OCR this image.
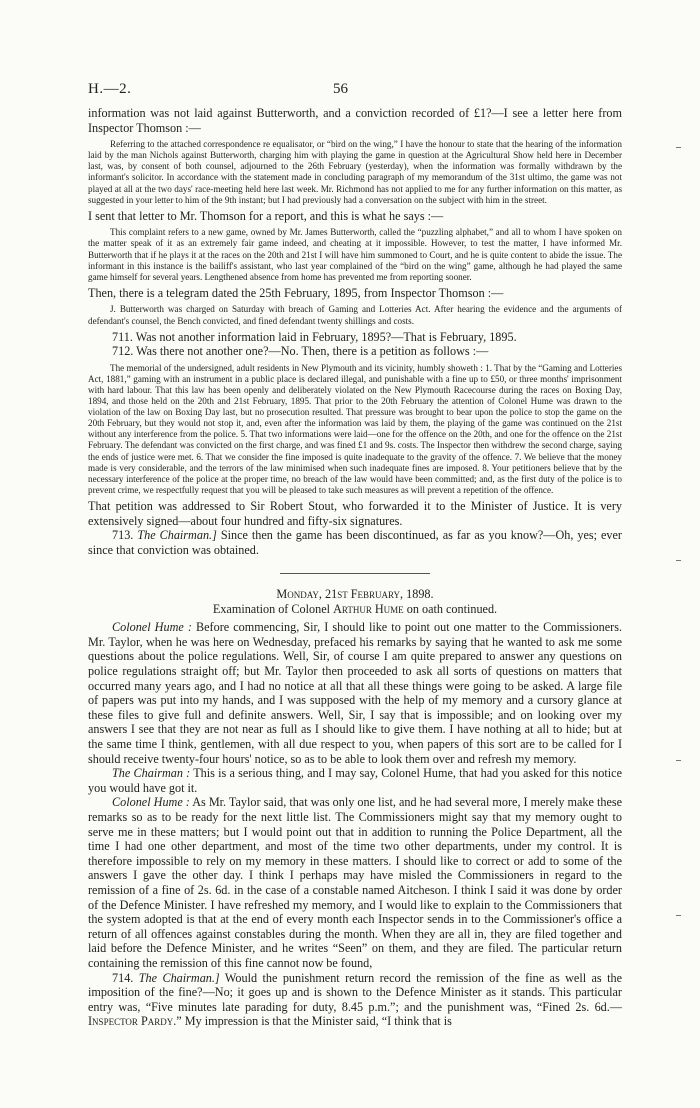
H.—2.	56

information was not laid against Butterworth, and a conviction recorded of £1?—I see a letter here from Inspector Thomson :—

Referring to the attached correspondence re equalisator, or “bird on the wing,” I have the honour to state that the hearing of the information laid by the man Nichols against Butterworth, charging him with playing the game in question at the Agricultural Show held here in December last, was, by consent of both counsel, adjourned to the 26th February (yesterday), when the information was formally withdrawn by the informant's solicitor. In accordance with the statement made in concluding paragraph of my memorandum of the 31st ultimo, the game was not played at all at the two days' race-meeting held here last week. Mr. Richmond has not applied to me for any further information on this matter, as suggested in your letter to him of the 9th instant; but I had previously had a conversation on the subject with him in the street.

I sent that letter to Mr. Thomson for a report, and this is what he says :—

This complaint refers to a new game, owned by Mr. James Butterworth, called the “puzzling alphabet,” and all to whom I have spoken on the matter speak of it as an extremely fair game indeed, and cheating at it impossible. However, to test the matter, I have informed Mr. Butterworth that if he plays it at the races on the 20th and 21st I will have him summoned to Court, and he is quite content to abide the issue. The informant in this instance is the bailiff's assistant, who last year complained of the “bird on the wing” game, although he had played the same game himself for several years. Lengthened absence from home has prevented me from reporting sooner.

Then, there is a telegram dated the 25th February, 1895, from Inspector Thomson :—

J. Butterworth was charged on Saturday with breach of Gaming and Lotteries Act. After hearing the evidence and the arguments of defendant's counsel, the Bench convicted, and fined defendant twenty shillings and costs.

711. Was not another information laid in February, 1895?—That is February, 1895.

712. Was there not another one?—No. Then, there is a petition as follows :—

The memorial of the undersigned, adult residents in New Plymouth and its vicinity, humbly showeth : 1. That by the “Gaming and Lotteries Act, 1881,” gaming with an instrument in a public place is declared illegal, and punishable with a fine up to £50, or three months' imprisonment with hard labour. That this law has been openly and deliberately violated on the New Plymouth Racecourse during the races on Boxing Day, 1894, and those held on the 20th and 21st February, 1895. That prior to the 20th February the attention of Colonel Hume was drawn to the violation of the law on Boxing Day last, but no prosecution resulted. That pressure was brought to bear upon the police to stop the game on the 20th February, but they would not stop it, and, even after the information was laid by them, the playing of the game was continued on the 21st without any interference from the police. 5. That two informations were laid—one for the offence on the 20th, and one for the offence on the 21st February. The defendant was convicted on the first charge, and was fined £1 and 9s. costs. The Inspector then withdrew the second charge, saying the ends of justice were met. 6. That we consider the fine imposed is quite inadequate to the gravity of the offence. 7. We believe that the money made is very considerable, and the terrors of the law minimised when such inadequate fines are imposed. 8. Your petitioners believe that by the necessary interference of the police at the proper time, no breach of the law would have been committed; and, as the first duty of the police is to prevent crime, we respectfully request that you will be pleased to take such measures as will prevent a repetition of the offence.

That petition was addressed to Sir Robert Stout, who forwarded it to the Minister of Justice. It is very extensively signed—about four hundred and fifty-six signatures.

713. The Chairman.] Since then the game has been discontinued, as far as you know?—Oh, yes; ever since that conviction was obtained.

Monday, 21st February, 1898.

Examination of Colonel Arthur Hume on oath continued.

Colonel Hume : Before commencing, Sir, I should like to point out one matter to the Commissioners. Mr. Taylor, when he was here on Wednesday, prefaced his remarks by saying that he wanted to ask me some questions about the police regulations. Well, Sir, of course I am quite prepared to answer any questions on police regulations straight off; but Mr. Taylor then proceeded to ask all sorts of questions on matters that occurred many years ago, and I had no notice at all that all these things were going to be asked. A large file of papers was put into my hands, and I was supposed with the help of my memory and a cursory glance at these files to give full and definite answers. Well, Sir, I say that is impossible; and on looking over my answers I see that they are not near as full as I should like to give them. I have nothing at all to hide; but at the same time I think, gentlemen, with all due respect to you, when papers of this sort are to be called for I should receive twenty-four hours' notice, so as to be able to look them over and refresh my memory.

The Chairman : This is a serious thing, and I may say, Colonel Hume, that had you asked for this notice you would have got it.

Colonel Hume : As Mr. Taylor said, that was only one list, and he had several more, I merely make these remarks so as to be ready for the next little list. The Commissioners might say that my memory ought to serve me in these matters; but I would point out that in addition to running the Police Department, all the time I had one other department, and most of the time two other departments, under my control. It is therefore impossible to rely on my memory in these matters. I should like to correct or add to some of the answers I gave the other day. I think I perhaps may have misled the Commissioners in regard to the remission of a fine of 2s. 6d. in the case of a constable named Aitcheson. I think I said it was done by order of the Defence Minister. I have refreshed my memory, and I would like to explain to the Commissioners that the system adopted is that at the end of every month each Inspector sends in to the Commissioner's office a return of all offences against constables during the month. When they are all in, they are filed together and laid before the Defence Minister, and he writes “Seen” on them, and they are filed. The particular return containing the remission of this fine cannot now be found,

714. The Chairman.] Would the punishment return record the remission of the fine as well as the imposition of the fine?—No; it goes up and is shown to the Defence Minister as it stands. This particular entry was, “Five minutes late parading for duty, 8.45 p.m.”; and the punishment was, “Fined 2s. 6d.—Inspector Pardy.” My impression is that the Minister said, “I think that is
